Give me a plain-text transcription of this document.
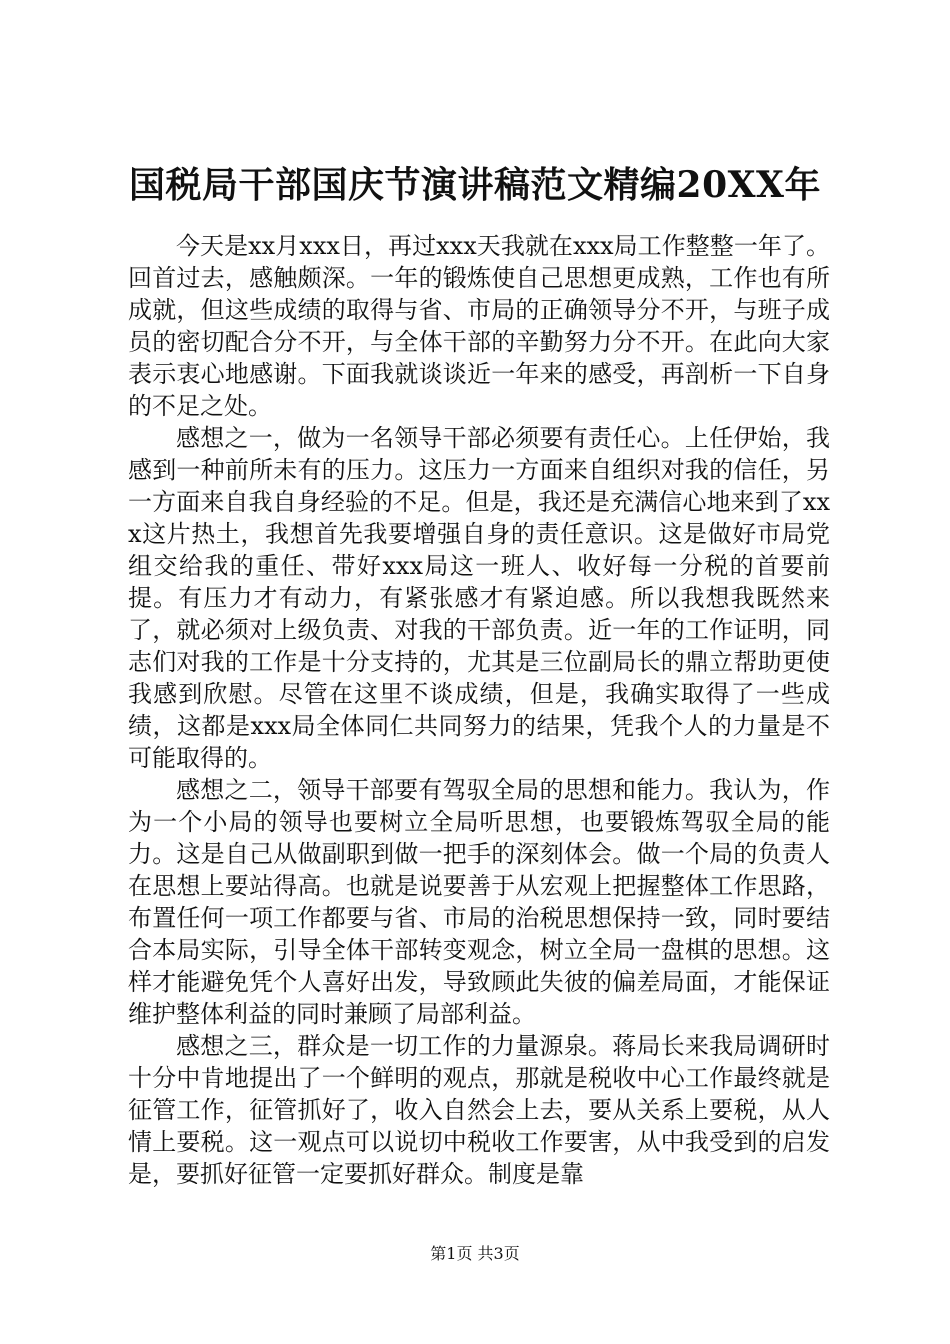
国税局干部国庆节演讲稿范文精编20XX年

今天是xx月xxx日，再过xxx天我就在xxx局工作整整一年了。回首过去，感触颇深。一年的锻炼使自己思想更成熟，工作也有所成就，但这些成绩的取得与省、市局的正确领导分不开，与班子成员的密切配合分不开，与全体干部的辛勤努力分不开。在此向大家表示衷心地感谢。下面我就谈谈近一年来的感受，再剖析一下自身的不足之处。

感想之一，做为一名领导干部必须要有责任心。上任伊始，我感到一种前所未有的压力。这压力一方面来自组织对我的信任，另一方面来自我自身经验的不足。但是，我还是充满信心地来到了xxx这片热土，我想首先我要增强自身的责任意识。这是做好市局党组交给我的重任、带好xxx局这一班人、收好每一分税的首要前提。有压力才有动力，有紧张感才有紧迫感。所以我想我既然来了，就必须对上级负责、对我的干部负责。近一年的工作证明，同志们对我的工作是十分支持的，尤其是三位副局长的鼎立帮助更使我感到欣慰。尽管在这里不谈成绩，但是，我确实取得了一些成绩，这都是xxx局全体同仁共同努力的结果，凭我个人的力量是不可能取得的。

感想之二，领导干部要有驾驭全局的思想和能力。我认为，作为一个小局的领导也要树立全局听思想，也要锻炼驾驭全局的能力。这是自己从做副职到做一把手的深刻体会。做一个局的负责人在思想上要站得高。也就是说要善于从宏观上把握整体工作思路，布置任何一项工作都要与省、市局的治税思想保持一致，同时要结合本局实际，引导全体干部转变观念，树立全局一盘棋的思想。这样才能避免凭个人喜好出发，导致顾此失彼的偏差局面，才能保证维护整体利益的同时兼顾了局部利益。

感想之三，群众是一切工作的力量源泉。蒋局长来我局调研时十分中肯地提出了一个鲜明的观点，那就是税收中心工作最终就是征管工作，征管抓好了，收入自然会上去，要从关系上要税，从人情上要税。这一观点可以说切中税收工作要害，从中我受到的启发是，要抓好征管一定要抓好群众。制度是靠

第1页 共3页
